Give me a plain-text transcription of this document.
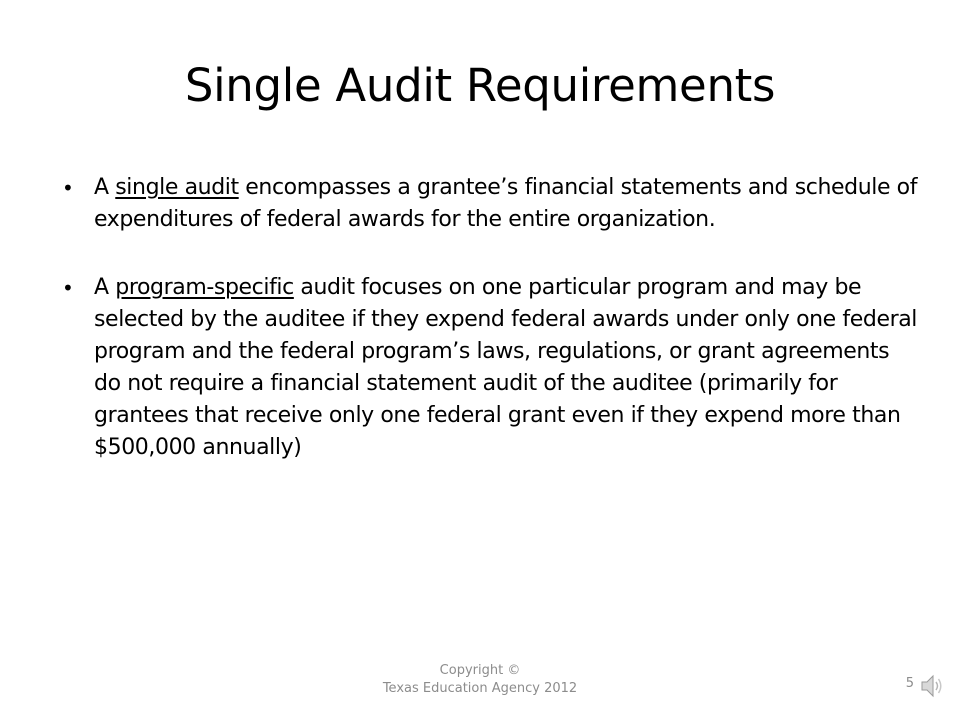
Single Audit Requirements

• A single audit encompasses a grantee’s financial statements and schedule of expenditures of federal awards for the entire organization.

• A program-specific audit focuses on one particular program and may be selected by the auditee if they expend federal awards under only one federal program and the federal program’s laws, regulations, or grant agreements do not require a financial statement audit of the auditee (primarily for grantees that receive only one federal grant even if they expend more than $500,000 annually)

Copyright ©
Texas Education Agency 2012	5
